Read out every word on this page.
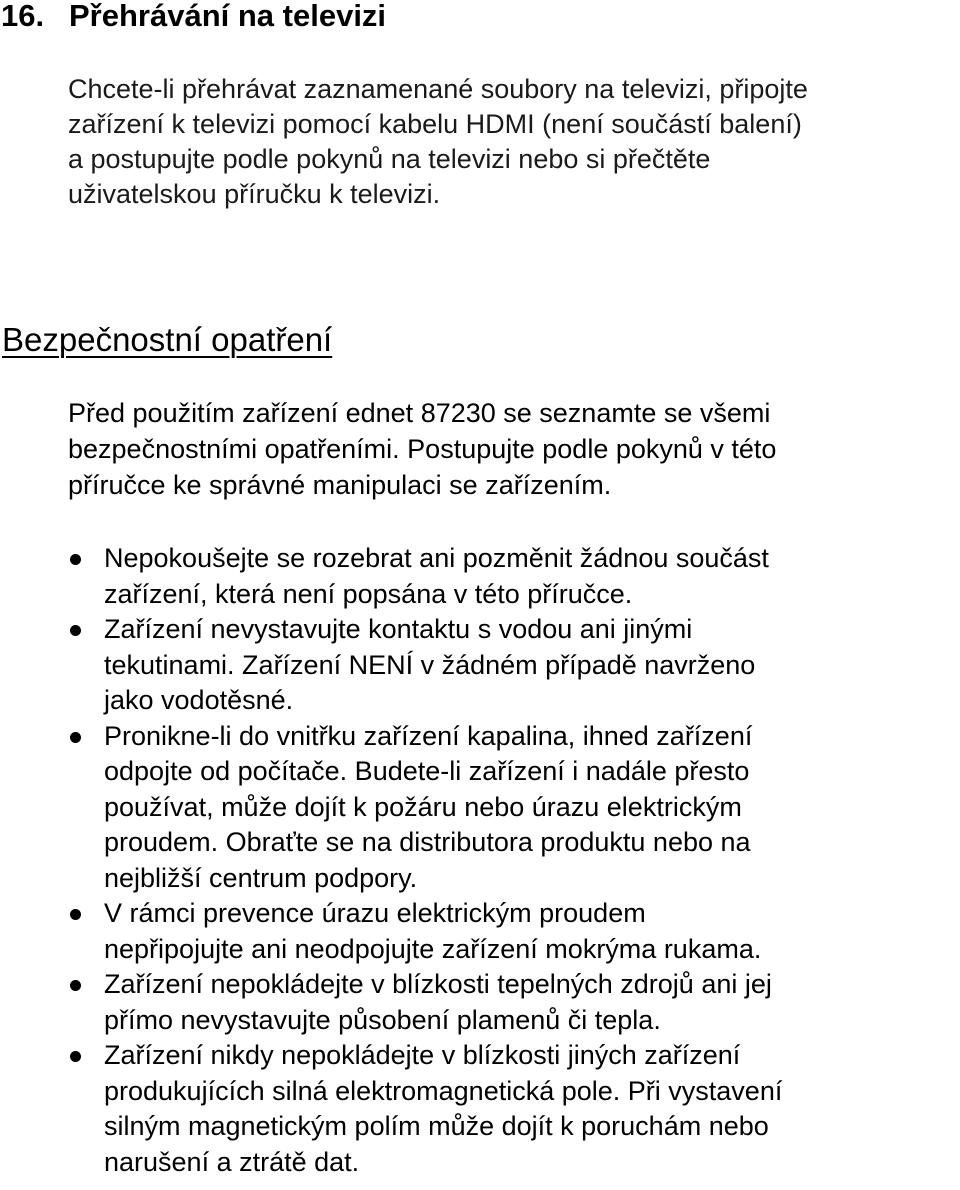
16. Přehrávání na televizi

Chcete-li přehrávat zaznamenané soubory na televizi, připojte
zařízení k televizi pomocí kabelu HDMI (není součástí balení)
a postupujte podle pokynů na televizi nebo si přečtěte
uživatelskou příručku k televizi.

Bezpečnostní opatření

Před použitím zařízení ednet 87230 se seznamte se všemi
bezpečnostními opatřeními. Postupujte podle pokynů v této
příručce ke správné manipulaci se zařízením.

Nepokoušejte se rozebrat ani pozměnit žádnou součást
zařízení, která není popsána v této příručce.
Zařízení nevystavujte kontaktu s vodou ani jinými
tekutinami. Zařízení NENÍ v žádném případě navrženo
jako vodotěsné.
Pronikne-li do vnitřku zařízení kapalina, ihned zařízení
odpojte od počítače. Budete-li zařízení i nadále přesto
používat, může dojít k požáru nebo úrazu elektrickým
proudem. Obraťte se na distributora produktu nebo na
nejbližší centrum podpory.
V rámci prevence úrazu elektrickým proudem
nepřipojujte ani neodpojujte zařízení mokrýma rukama.
Zařízení nepokládejte v blízkosti tepelných zdrojů ani jej
přímo nevystavujte působení plamenů či tepla.
Zařízení nikdy nepokládejte v blízkosti jiných zařízení
produkujících silná elektromagnetická pole. Při vystavení
silným magnetickým polím může dojít k poruchám nebo
narušení a ztrátě dat.
